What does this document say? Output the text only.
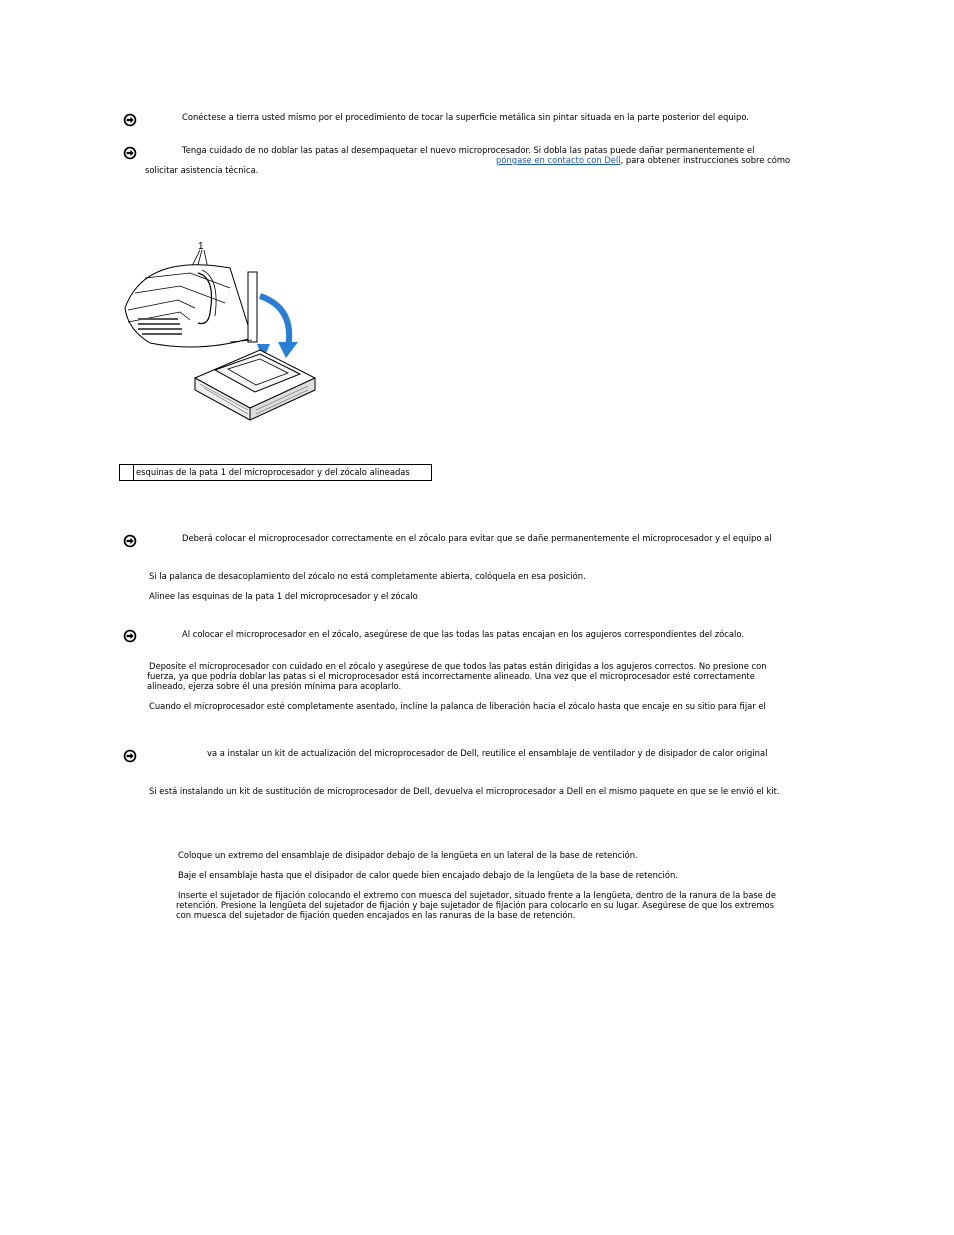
Conéctese a tierra usted mismo por el procedimiento de tocar la superficie metálica sin pintar situada en la parte posterior del equipo.
Tenga cuidado de no doblar las patas al desempaquetar el nuevo microprocesador. Si dobla las patas puede dañar permanentemente el
póngase en contacto con Dell, para obtener instrucciones sobre cómo
solicitar asistencia técnica.
1
esquinas de la pata 1 del microprocesador y del zócalo alineadas
Deberá colocar el microprocesador correctamente en el zócalo para evitar que se dañe permanentemente el microprocesador y el equipo al
Si la palanca de desacoplamiento del zócalo no está completamente abierta, colóquela en esa posición.
Alinee las esquinas de la pata 1 del microprocesador y el zócalo
Al colocar el microprocesador en el zócalo, asegúrese de que las todas las patas encajan en los agujeros correspondientes del zócalo.
Deposite el microprocesador con cuidado en el zócalo y asegúrese de que todos las patas están dirigidas a los agujeros correctos. No presione con
fuerza, ya que podría doblar las patas si el microprocesador está incorrectamente alineado. Una vez que el microprocesador esté correctamente
alineado, ejerza sobre él una presión mínima para acoplarlo.
Cuando el microprocesador esté completamente asentado, incline la palanca de liberación hacia el zócalo hasta que encaje en su sitio para fijar el
va a instalar un kit de actualización del microprocesador de Dell, reutilice el ensamblaje de ventilador y de disipador de calor original
Si está instalando un kit de sustitución de microprocesador de Dell, devuelva el microprocesador a Dell en el mismo paquete en que se le envió el kit.
Coloque un extremo del ensamblaje de disipador debajo de la lengüeta en un lateral de la base de retención.
Baje el ensamblaje hasta que el disipador de calor quede bien encajado debajo de la lengüeta de la base de retención.
Inserte el sujetador de fijación colocando el extremo con muesca del sujetador, situado frente a la lengüeta, dentro de la ranura de la base de
retención. Presione la lengüeta del sujetador de fijación y baje sujetador de fijación para colocarlo en su lugar. Asegúrese de que los extremos
con muesca del sujetador de fijación queden encajados en las ranuras de la base de retención.
